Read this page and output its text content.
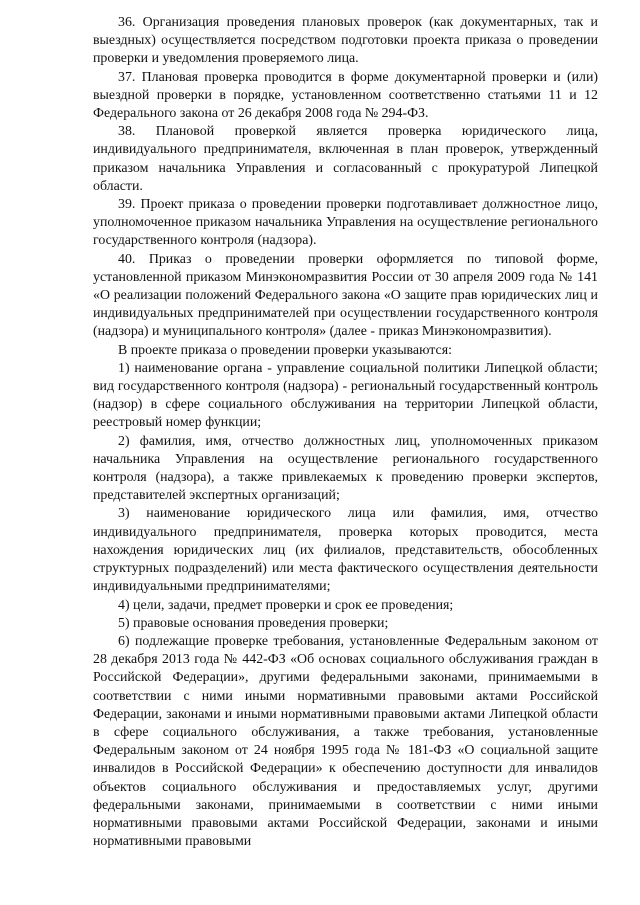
36. Организация проведения плановых проверок (как документарных, так и выездных) осуществляется посредством подготовки проекта приказа о проведении проверки и уведомления проверяемого лица.

37. Плановая проверка проводится в форме документарной проверки и (или) выездной проверки в порядке, установленном соответственно статьями 11 и 12 Федерального закона от 26 декабря 2008 года № 294-ФЗ.

38. Плановой проверкой является проверка юридического лица, индивидуального предпринимателя, включенная в план проверок, утвержденный приказом начальника Управления и согласованный с прокуратурой Липецкой области.

39. Проект приказа о проведении проверки подготавливает должностное лицо, уполномоченное приказом начальника Управления на осуществление регионального государственного контроля (надзора).

40. Приказ о проведении проверки оформляется по типовой форме, установленной приказом Минэкономразвития России от 30 апреля 2009 года № 141 «О реализации положений Федерального закона «О защите прав юридических лиц и индивидуальных предпринимателей при осуществлении государственного контроля (надзора) и муниципального контроля» (далее - приказ Минэкономразвития).

В проекте приказа о проведении проверки указываются:

1) наименование органа - управление социальной политики Липецкой области; вид государственного контроля (надзора) - региональный государственный контроль (надзор) в сфере социального обслуживания на территории Липецкой области, реестровый номер функции;

2) фамилия, имя, отчество должностных лиц, уполномоченных приказом начальника Управления на осуществление регионального государственного контроля (надзора), а также привлекаемых к проведению проверки экспертов, представителей экспертных организаций;

3) наименование юридического лица или фамилия, имя, отчество индивидуального предпринимателя, проверка которых проводится, места нахождения юридических лиц (их филиалов, представительств, обособленных структурных подразделений) или места фактического осуществления деятельности индивидуальными предпринимателями;

4) цели, задачи, предмет проверки и срок ее проведения;

5) правовые основания проведения проверки;

6) подлежащие проверке требования, установленные Федеральным законом от 28 декабря 2013 года № 442-ФЗ «Об основах социального обслуживания граждан в Российской Федерации», другими федеральными законами, принимаемыми в соответствии с ними иными нормативными правовыми актами Российской Федерации, законами и иными нормативными правовыми актами Липецкой области в сфере социального обслуживания, а также требования, установленные Федеральным законом от 24 ноября 1995 года № 181-ФЗ «О социальной защите инвалидов в Российской Федерации» к обеспечению доступности для инвалидов объектов социального обслуживания и предоставляемых услуг, другими федеральными законами, принимаемыми в соответствии с ними иными нормативными правовыми актами Российской Федерации, законами и иными нормативными правовыми
